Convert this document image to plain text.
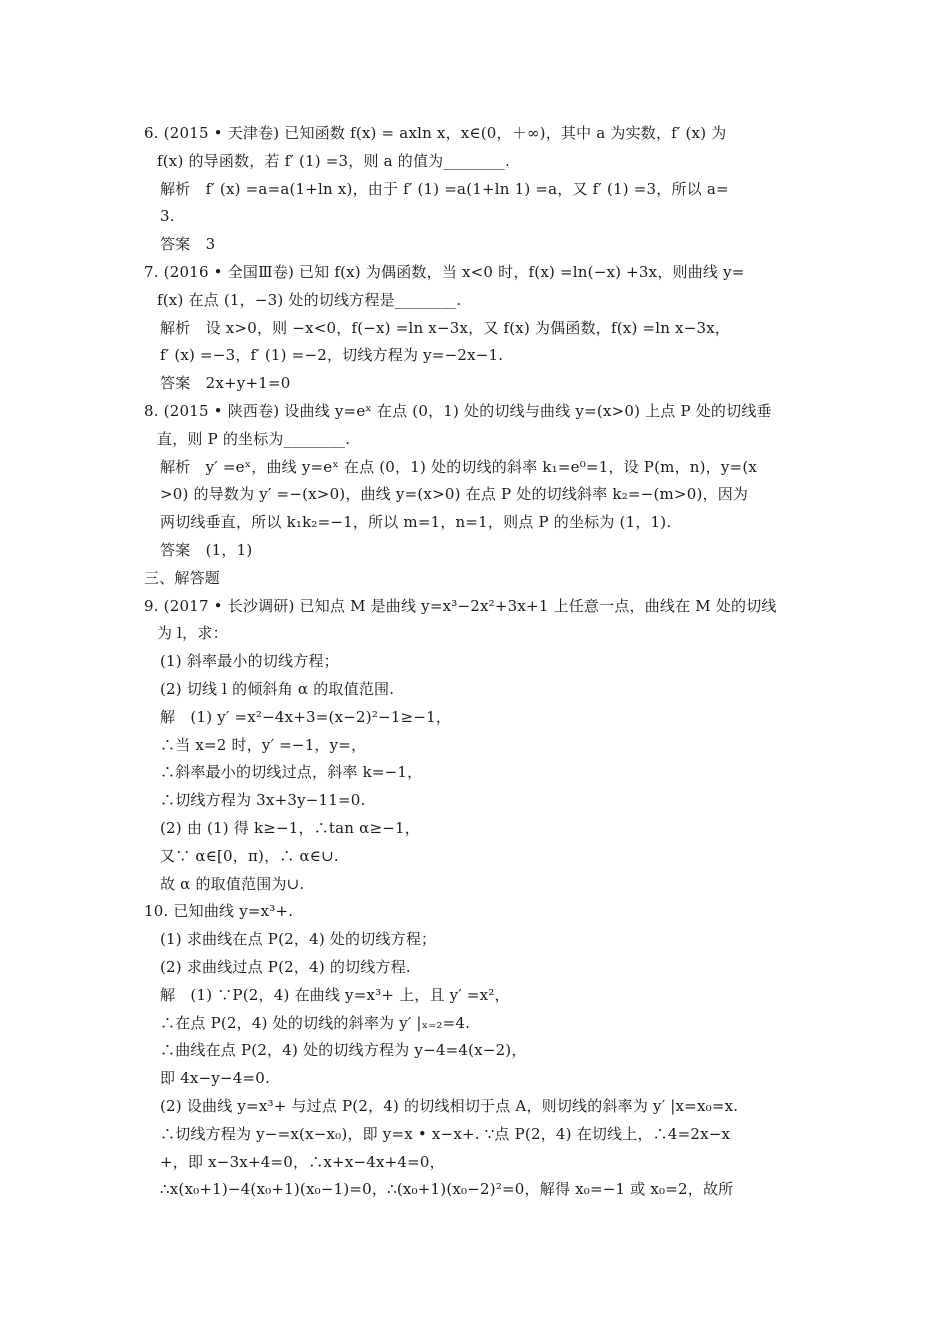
6. (2015 • 天津卷) 已知函数 f(x) = axln x，x∈(0，＋∞)，其中 a 为实数，f′ (x) 为
f(x) 的导函数，若 f′ (1) =3，则 a 的值为________.
解析　f′ (x) =a=a(1+ln x)，由于 f′ (1) =a(1+ln 1) =a，又 f′ (1) =3，所以 a=
3.
答案　3
7. (2016 • 全国Ⅲ卷) 已知 f(x) 为偶函数，当 x<0 时，f(x) =ln(−x) +3x，则曲线 y=
f(x) 在点 (1，−3) 处的切线方程是________.
解析　设 x>0，则 −x<0，f(−x) =ln x−3x，又 f(x) 为偶函数，f(x) =ln x−3x，
f′ (x) =−3，f′ (1) =−2，切线方程为 y=−2x−1.
答案　2x+y+1=0
8. (2015 • 陕西卷) 设曲线 y=eˣ 在点 (0，1) 处的切线与曲线 y=(x>0) 上点 P 处的切线垂
直，则 P 的坐标为________.
解析　y′ =eˣ，曲线 y=eˣ 在点 (0，1) 处的切线的斜率 k₁=e⁰=1，设 P(m，n)，y=(x
>0) 的导数为 y′ =−(x>0)，曲线 y=(x>0) 在点 P 处的切线斜率 k₂=−(m>0)，因为
两切线垂直，所以 k₁k₂=−1，所以 m=1，n=1，则点 P 的坐标为 (1，1).
答案　(1，1)
三、解答题
9. (2017 • 长沙调研) 已知点 M 是曲线 y=x³−2x²+3x+1 上任意一点，曲线在 M 处的切线
为 l，求：
(1) 斜率最小的切线方程；
(2) 切线 l 的倾斜角 α 的取值范围.
解　(1) y′ =x²−4x+3=(x−2)²−1≥−1，
∴当 x=2 时，y′ =−1，y=，
∴斜率最小的切线过点，斜率 k=−1，
∴切线方程为 3x+3y−11=0.
(2) 由 (1) 得 k≥−1，∴tan α≥−1，
又∵ α∈[0，π)，∴ α∈∪.
故 α 的取值范围为∪.
10. 已知曲线 y=x³+.
(1) 求曲线在点 P(2，4) 处的切线方程；
(2) 求曲线过点 P(2，4) 的切线方程.
解　(1) ∵P(2，4) 在曲线 y=x³+ 上，且 y′ =x²，
∴在点 P(2，4) 处的切线的斜率为 y′ |ₓ₌₂=4.
∴曲线在点 P(2，4) 处的切线方程为 y−4=4(x−2)，
即 4x−y−4=0.
(2) 设曲线 y=x³+ 与过点 P(2，4) 的切线相切于点 A，则切线的斜率为 y′ |x=x₀=x.
∴切线方程为 y−=x(x−x₀)，即 y=x • x−x+. ∵点 P(2，4) 在切线上，∴4=2x−x
+，即 x−3x+4=0，∴x+x−4x+4=0，
∴x(x₀+1)−4(x₀+1)(x₀−1)=0，∴(x₀+1)(x₀−2)²=0，解得 x₀=−1 或 x₀=2，故所
